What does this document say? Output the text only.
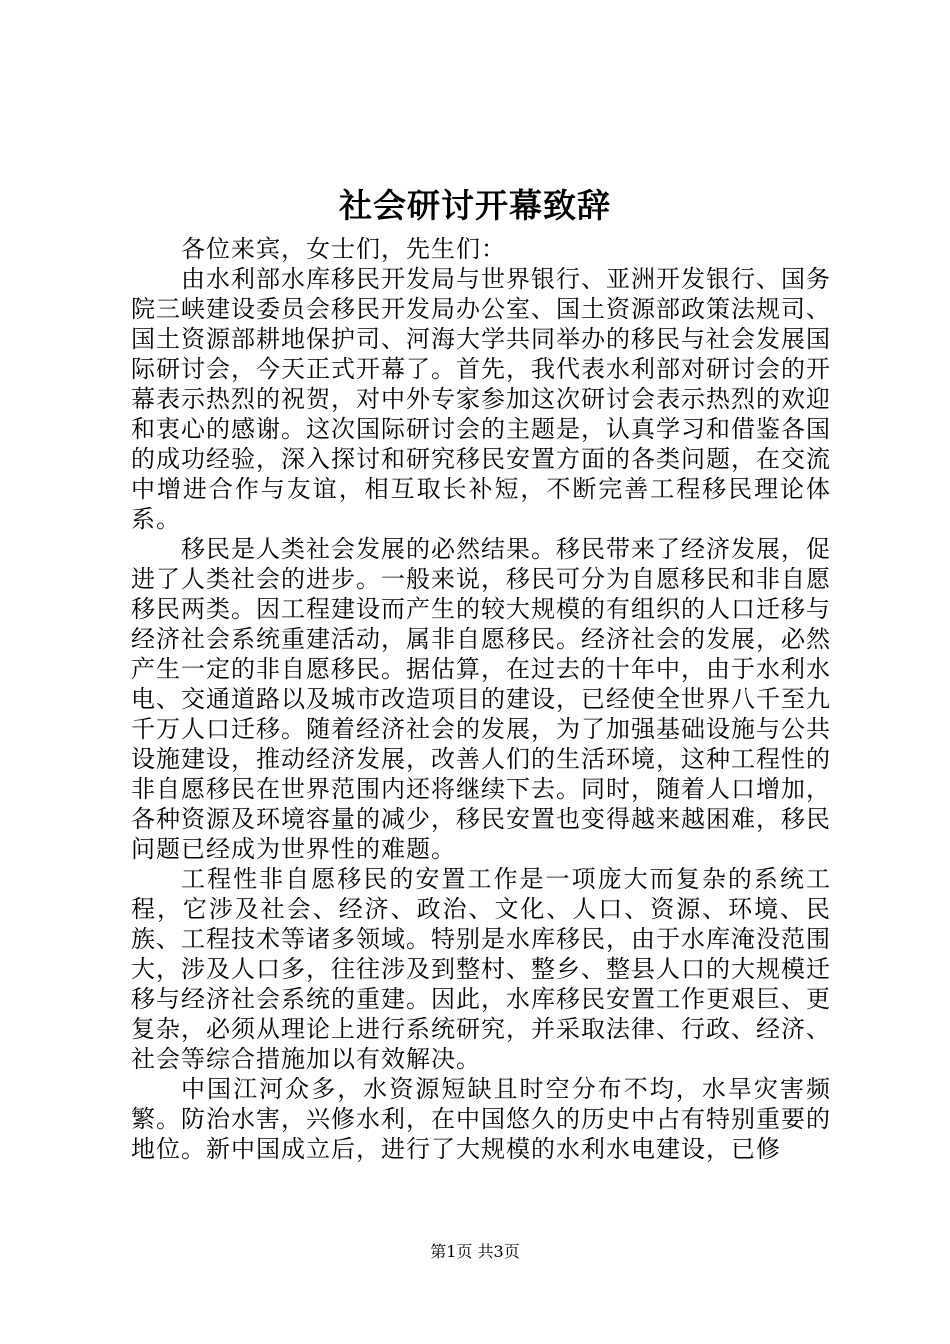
社会研讨开幕致辞

各位来宾，女士们，先生们：

由水利部水库移民开发局与世界银行、亚洲开发银行、国务院三峡建设委员会移民开发局办公室、国土资源部政策法规司、国土资源部耕地保护司、河海大学共同举办的移民与社会发展国际研讨会，今天正式开幕了。首先，我代表水利部对研讨会的开幕表示热烈的祝贺，对中外专家参加这次研讨会表示热烈的欢迎和衷心的感谢。这次国际研讨会的主题是，认真学习和借鉴各国的成功经验，深入探讨和研究移民安置方面的各类问题，在交流中增进合作与友谊，相互取长补短，不断完善工程移民理论体系。

移民是人类社会发展的必然结果。移民带来了经济发展，促进了人类社会的进步。一般来说，移民可分为自愿移民和非自愿移民两类。因工程建设而产生的较大规模的有组织的人口迁移与经济社会系统重建活动，属非自愿移民。经济社会的发展，必然产生一定的非自愿移民。据估算，在过去的十年中，由于水利水电、交通道路以及城市改造项目的建设，已经使全世界八千至九千万人口迁移。随着经济社会的发展，为了加强基础设施与公共设施建设，推动经济发展，改善人们的生活环境，这种工程性的非自愿移民在世界范围内还将继续下去。同时，随着人口增加，各种资源及环境容量的减少，移民安置也变得越来越困难，移民问题已经成为世界性的难题。

工程性非自愿移民的安置工作是一项庞大而复杂的系统工程，它涉及社会、经济、政治、文化、人口、资源、环境、民族、工程技术等诸多领域。特别是水库移民，由于水库淹没范围大，涉及人口多，往往涉及到整村、整乡、整县人口的大规模迁移与经济社会系统的重建。因此，水库移民安置工作更艰巨、更复杂，必须从理论上进行系统研究，并采取法律、行政、经济、社会等综合措施加以有效解决。

中国江河众多，水资源短缺且时空分布不均，水旱灾害频繁。防治水害，兴修水利，在中国悠久的历史中占有特别重要的地位。新中国成立后，进行了大规模的水利水电建设，已修

第1页 共3页
